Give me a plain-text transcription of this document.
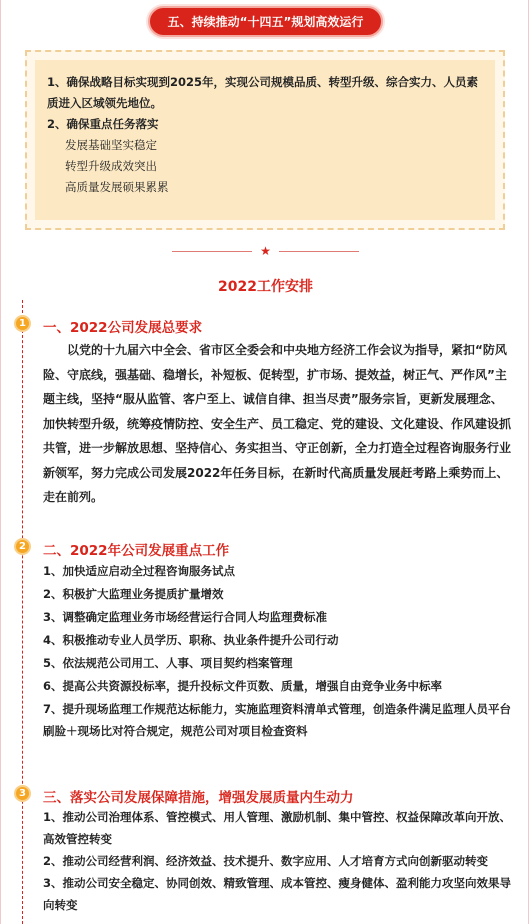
五、持续推动“十四五”规划高效运行
1、确保战略目标实现到2025年，实现公司规模品质、转型升级、综合实力、人员素质进入区域领先地位。
2、确保重点任务落实
发展基础坚实稳定
转型升级成效突出
高质量发展硕果累累
★
2022工作安排
1	一、2022公司发展总要求
以党的十九届六中全会、省市区全委会和中央地方经济工作会议为指导，紧扣“防风险、守底线，强基础、稳增长，补短板、促转型，扩市场、提效益，树正气、严作风”主题主线，坚持“服从监管、客户至上、诚信自律、担当尽责”服务宗旨，更新发展理念、加快转型升级，统筹疫情防控、安全生产、员工稳定、党的建设、文化建设、作风建设抓共管，进一步解放思想、坚持信心、务实担当、守正创新，全力打造全过程咨询服务行业新领军，努力完成公司发展2022年任务目标，在新时代高质量发展赶考路上乘势而上、走在前列。
2	二、2022年公司发展重点工作
1、加快适应启动全过程咨询服务试点
2、积极扩大监理业务提质扩量增效
3、调整确定监理业务市场经营运行合同人均监理费标准
4、积极推动专业人员学历、职称、执业条件提升公司行动
5、依法规范公司用工、人事、项目契约档案管理
6、提高公共资源投标率，提升投标文件页数、质量，增强自由竞争业务中标率
7、提升现场监理工作规范达标能力，实施监理资料清单式管理，创造条件满足监理人员平台刷脸＋现场比对符合规定，规范公司对项目检查资料
3	三、落实公司发展保障措施，增强发展质量内生动力
1、推动公司治理体系、管控模式、用人管理、激励机制、集中管控、权益保障改革向开放、高效管控转变
2、推动公司经营利润、经济效益、技术提升、数字应用、人才培育方式向创新驱动转变
3、推动公司安全稳定、协同创效、精致管理、成本管控、瘦身健体、盈利能力攻坚向效果导向转变
